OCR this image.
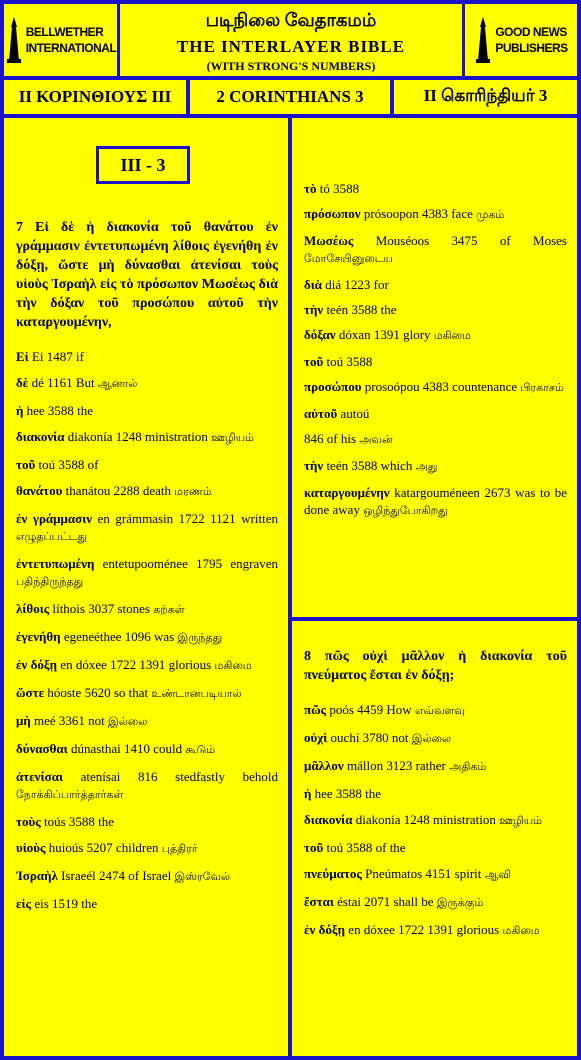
BELLWETHER
INTERNATIONAL
படிநிலை வேதாகமம்
THE INTERLAYER BIBLE
(WITH STRONG'S NUMBERS)
GOOD NEWS
PUBLISHERS
ΙΙ ΚΟΡΙΝΘΙΟΥΣ ΙΙΙ	2 CORINTHIANS 3	II கொரிந்தியர் 3
III - 3
7 Εἰ δὲ ἡ διακονία τοῦ θανάτου ἐν γράμμασιν ἐντετυπωμένη λίθοις ἐγενήθη ἐν δόξῃ, ὥστε μὴ δύνασθαι ἀτενίσαι τοὺς υἱοὺς Ἰσραὴλ εἰς τὸ πρόσωπον Μωσέως διὰ τὴν δόξαν τοῦ προσώπου αὐτοῦ τὴν καταργουμένην,
Εἰ Ei 1487 if
δὲ dé 1161 But ஆனால்
ἡ hee 3588 the
διακονία diakonía 1248 ministration ஊழியம்
τοῦ toú 3588 of
θανάτου thanátou 2288 death மரணம்
ἐν γράμμασιν en grámmasin 1722 1121 written எழுதப்பட்டது
ἐντετυπωμένη entetupooménee 1795 engraven பதிந்திருந்தது
λίθοις líthois 3037 stones கற்கள்
ἐγενήθη egeneéthee 1096 was இருந்தது
ἐν δόξῃ en dóxee 1722 1391 glorious மகிமை
ὥστε hóoste 5620 so that உண்டானபடியால்
μὴ meé 3361 not இல்லை
δύνασθαι dúnasthai 1410 could கூடும்
ἀτενίσαι atenísai 816 stedfastly behold நோக்கிப்பார்த்தார்கள்
τοὺς toús 3588 the
υἱοὺς huioús 5207 children புத்திரர்
Ἰσραὴλ Israeél 2474 of Israel இஸ்ரவேல்
εἰς eis 1519 the
τὸ tó 3588
πρόσωπον prósoopon 4383 face முகம்
Μωσέως Mouséoos 3475 of Moses மோசேயினுடைய
διὰ diá 1223 for
τὴν teén 3588 the
δόξαν dóxan 1391 glory மகிமை
τοῦ toú 3588
προσώπου prosoópou 4383 countenance பிரகாசம்
αὐτοῦ autoú
846 of his அவன்
τὴν teén 3588 which அது
καταργουμένην katargouméneen 2673 was to be done away ஒழிந்துபோகிறது
8 πῶς οὐχὶ μᾶλλον ἡ διακονία τοῦ πνεύματος ἔσται ἐν δόξῃ;
πῶς poós 4459 How எவ்வளவு
οὐχὶ ouchí 3780 not இல்லை
μᾶλλον mállon 3123 rather அதிகம்
ἡ hee 3588 the
διακονία diakonía 1248 ministration ஊழியம்
τοῦ toú 3588 of the
πνεύματος Pneúmatos 4151 spirit ஆவி
ἔσται éstai 2071 shall be இருக்கும்
ἐν δόξῃ en dóxee 1722 1391 glorious மகிமை
